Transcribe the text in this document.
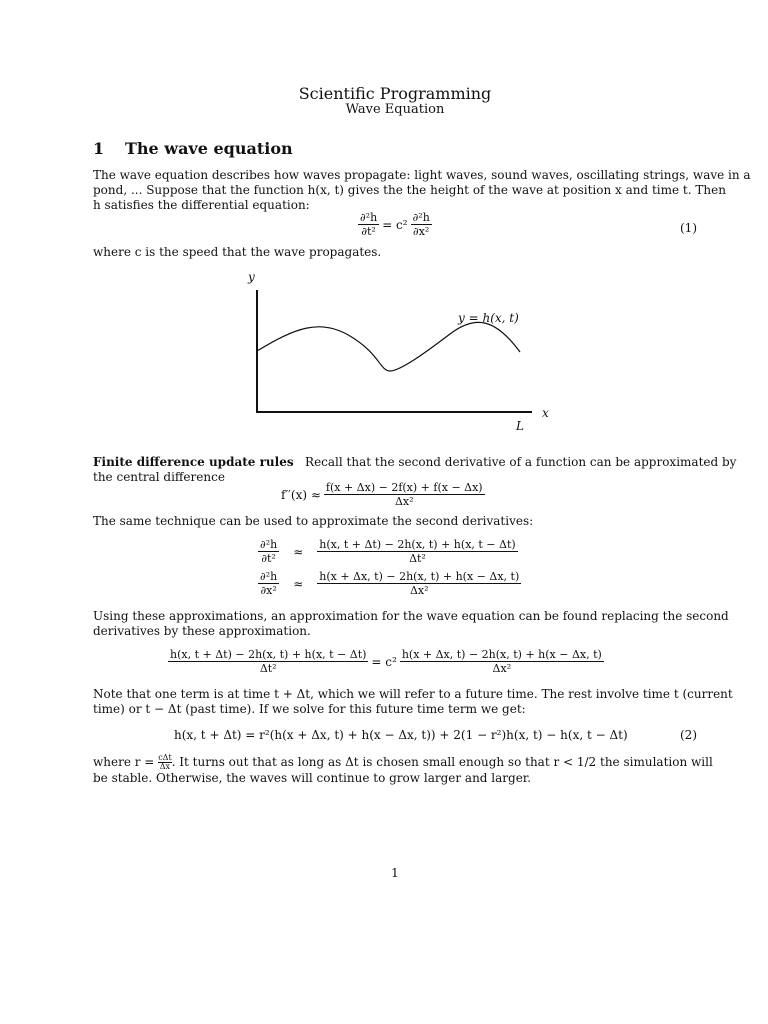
Scientific Programming
Wave Equation
1 The wave equation
The wave equation describes how waves propagate: light waves, sound waves, oscillating strings, wave in a
pond, ... Suppose that the function h(x, t) gives the the height of the wave at position x and time t. Then
h satisfies the differential equation:
$\frac{\text{∂²h}}{\text{∂t²}} = c^2 \frac{\text{∂²h}}{\text{∂x²}}$	(1)
where c is the speed that the wave propagates.
y
x
L
y = h(x, t)
Finite difference update rules Recall that the second derivative of a function can be approximated by
the central difference
$f''(x) \approx \frac{f(x + \Delta x) - 2f(x) + f(x - \Delta x)}{\text{Δx²}}$
The same technique can be used to approximate the second derivatives:
$\frac{\text{∂²h}}{\text{∂t²}} \approx \frac{h(x, t + \Delta t) - 2h(x, t) + h(x, t - \Delta t)}{\text{Δt²}}$
$\frac{\text{∂²h}}{\text{∂x²}} \approx \frac{h(x + \Delta x, t) - 2h(x, t) + h(x - \Delta x, t)}{\text{Δx²}}$
Using these approximations, an approximation for the wave equation can be found replacing the second
derivatives by these approximation.
$\frac{h(x, t + \Delta t) - 2h(x, t) + h(x, t - \Delta t)}{\text{Δt²}} = c^2 \frac{h(x + \Delta x, t) - 2h(x, t) + h(x - \Delta x, t)}{\text{Δx²}}$
Note that one term is at time t + Δt, which we will refer to a future time. The rest involve time t (current
time) or t − Δt (past time). If we solve for this future time term we get:
h(x, t + Δt) = r²(h(x + Δx, t) + h(x − Δx, t)) + 2(1 − r²)h(x, t) − h(x, t − Δt)	(2)
where $r = \frac{\text{cΔt}}{\Delta x}$ . It turns out that as long as Δt is chosen small enough so that r < 1/2 the simulation will
be stable. Otherwise, the waves will continue to grow larger and larger.
1
